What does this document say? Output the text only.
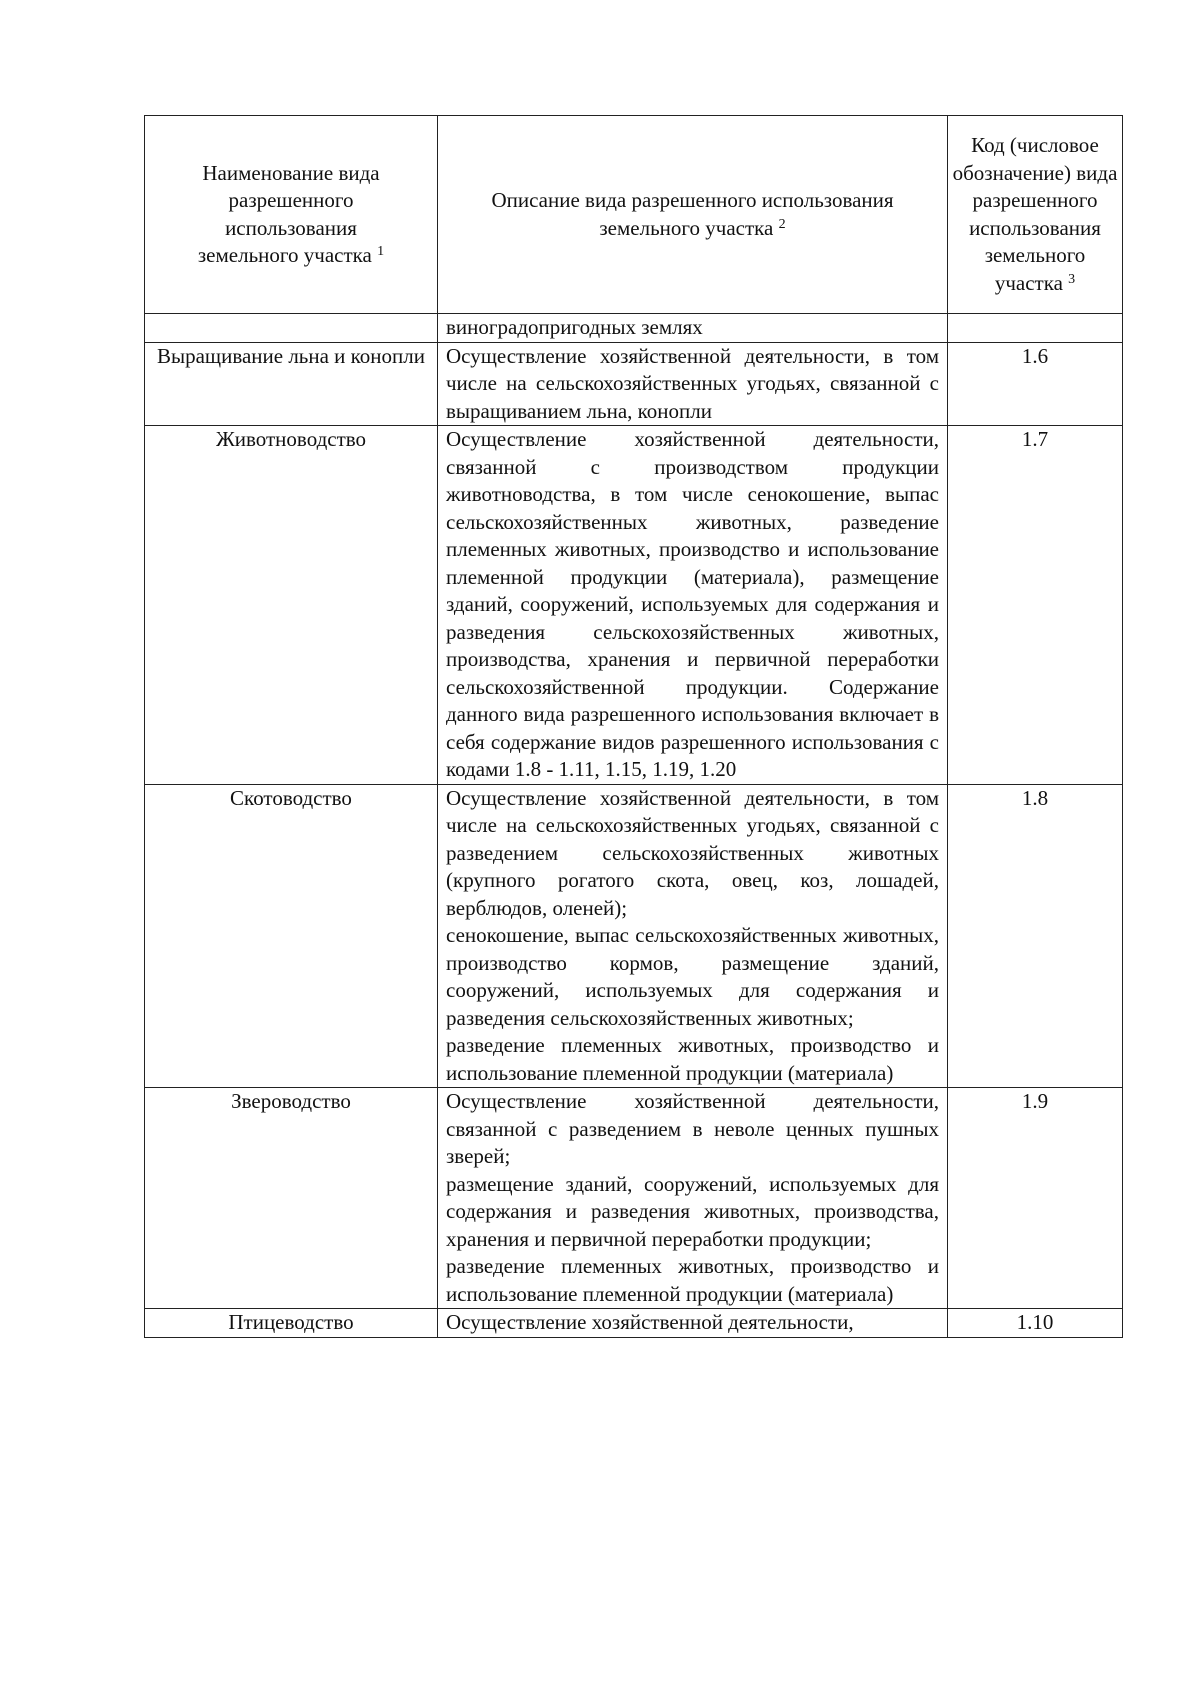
Наименование вида разрешенного использования земельного участка $^1$	Описание вида разрешенного использования земельного участка $^2$	Код (числовое обозначение) вида разрешенного использования земельного участка $^3$

	виноградопригодных землях	

Выращивание льна и конопли	Осуществление хозяйственной деятельности, в том числе на сельскохозяйственных угодьях, связанной с выращиванием льна, конопли	1.6
Животноводство	Осуществление хозяйственной деятельности, связанной с производством продукции животноводства, в том числе сенокошение, выпас сельскохозяйственных животных, разведение племенных животных, производство и использование племенной продукции (материала), размещение зданий, сооружений, используемых для содержания и разведения сельскохозяйственных животных, производства, хранения и первичной переработки сельскохозяйственной продукции. Содержание данного вида разрешенного использования включает в себя содержание видов разрешенного использования с кодами 1.8 - 1.11, 1.15, 1.19, 1.20	1.7
Скотоводство	Осуществление хозяйственной деятельности, в том числе на сельскохозяйственных угодьях, связанной с разведением сельскохозяйственных животных (крупного рогатого скота, овец, коз, лошадей, верблюдов, оленей);
сенокошение, выпас сельскохозяйственных животных, производство кормов, размещение зданий, сооружений, используемых для содержания и разведения сельскохозяйственных животных;
разведение племенных животных, производство и использование племенной продукции (материала)	1.8
Звероводство	Осуществление хозяйственной деятельности, связанной с разведением в неволе ценных пушных зверей;
размещение зданий, сооружений, используемых для содержания и разведения животных, производства, хранения и первичной переработки продукции;
разведение племенных животных, производство и использование племенной продукции (материала)	1.9
Птицеводство	Осуществление хозяйственной деятельности,	1.10
